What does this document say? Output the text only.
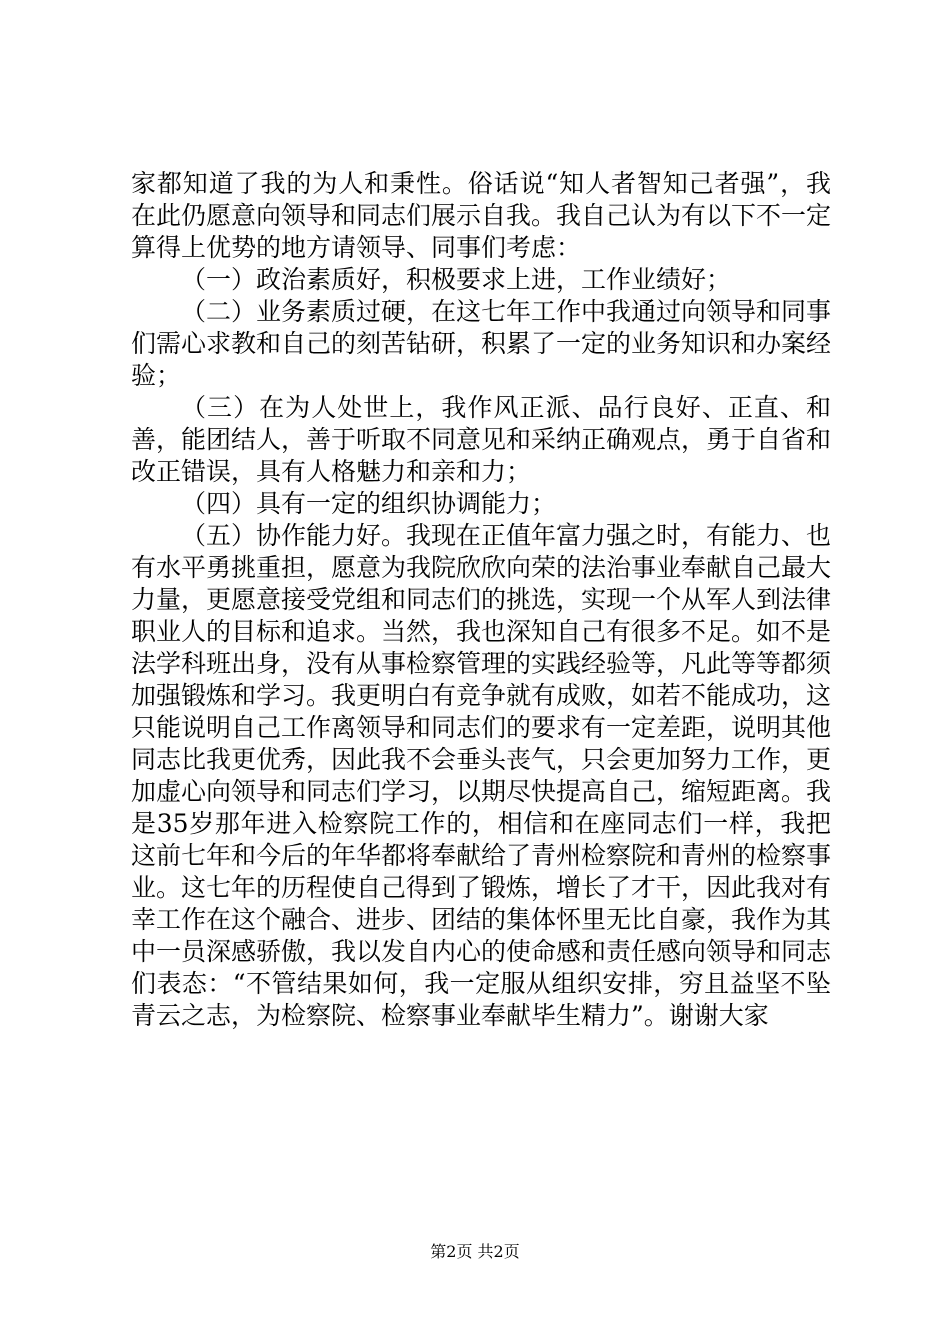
家都知道了我的为人和秉性。俗话说“知人者智知己者强”，我在此仍愿意向领导和同志们展示自我。我自己认为有以下不一定算得上优势的地方请领导、同事们考虑：

（一）政治素质好，积极要求上进，工作业绩好；

（二）业务素质过硬，在这七年工作中我通过向领导和同事们需心求教和自己的刻苦钻研，积累了一定的业务知识和办案经验；

（三）在为人处世上，我作风正派、品行良好、正直、和善，能团结人，善于听取不同意见和采纳正确观点，勇于自省和改正错误，具有人格魅力和亲和力；

（四）具有一定的组织协调能力；

（五）协作能力好。我现在正值年富力强之时，有能力、也有水平勇挑重担，愿意为我院欣欣向荣的法治事业奉献自己最大力量，更愿意接受党组和同志们的挑选，实现一个从军人到法律职业人的目标和追求。当然，我也深知自己有很多不足。如不是法学科班出身，没有从事检察管理的实践经验等，凡此等等都须加强锻炼和学习。我更明白有竞争就有成败，如若不能成功，这只能说明自己工作离领导和同志们的要求有一定差距，说明其他同志比我更优秀，因此我不会垂头丧气，只会更加努力工作，更加虚心向领导和同志们学习，以期尽快提高自己，缩短距离。我是35岁那年进入检察院工作的，相信和在座同志们一样，我把这前七年和今后的年华都将奉献给了青州检察院和青州的检察事业。这七年的历程使自己得到了锻炼，增长了才干，因此我对有幸工作在这个融合、进步、团结的集体怀里无比自豪，我作为其中一员深感骄傲，我以发自内心的使命感和责任感向领导和同志们表态：“不管结果如何，我一定服从组织安排，穷且益坚不坠青云之志，为检察院、检察事业奉献毕生精力”。谢谢大家

第2页 共2页
